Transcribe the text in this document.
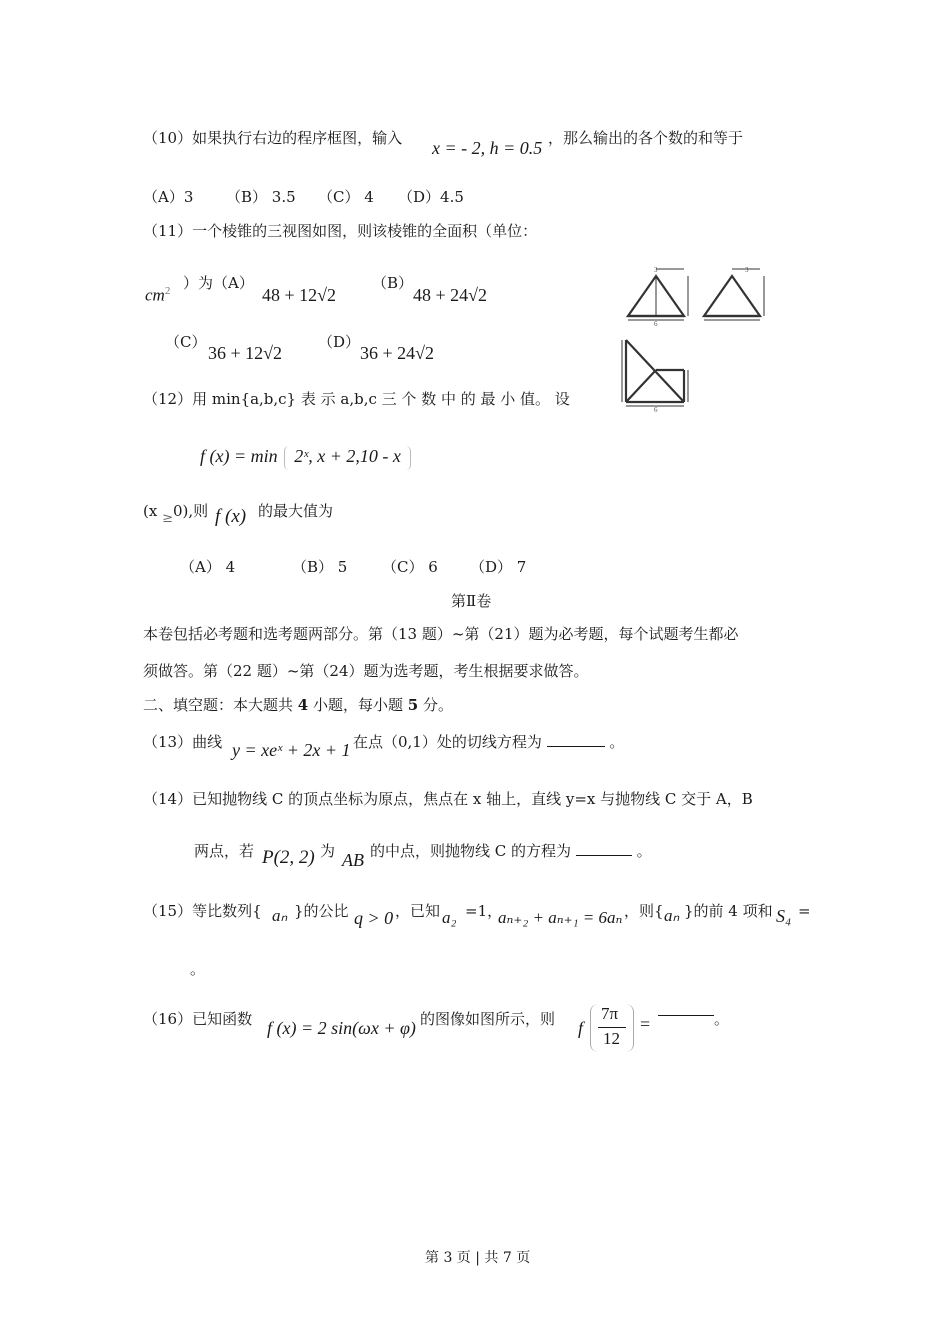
（10）如果执行右边的程序框图，输入 x = - 2, h = 0.5 ，那么输出的各个数的和等于
（A）3 （B） 3.5 （C） 4 （D）4.5
（11）一个棱锥的三视图如图，则该棱锥的全面积（单位：
$cm^2$ ）为（A）
48 + 12√2
（B）
48 + 24√2
（C）
36 + 12√2
（D）
36 + 24√2
3
6
3
6
（12）用 min{a,b,c} 表 示 a,b,c 三 个 数 中 的 最 小 值。 设
f (x) = min 2ˣ, x + 2,10 - x
(x ≥0),则 f (x) 的最大值为
（A） 4	（B） 5 （C） 6 （D） 7
第Ⅱ卷
本卷包括必考题和选考题两部分。第（13 题）~第（21）题为必考题，每个试题考生都必
须做答。第（22 题）~第（24）题为选考题，考生根据要求做答。
二、填空题：本大题共 4 小题，每小题 5 分。
（13）曲线 y = xeˣ + 2x + 1 在点（0,1）处的切线方程为	。
（14）已知抛物线 C 的顶点坐标为原点，焦点在 x 轴上，直线 y=x 与抛物线 C 交于 A，B
两点，若 P(2, 2) 为 AB 的中点，则抛物线 C 的方程为	。
（15）等比数列{ aₙ }的公比 q > 0 ，已知 a₂ =1，
aₙ₊₂ + aₙ₊₁ = 6aₙ ，则{ aₙ }的前 4 项和 S₄ =
。
（16）已知函数 f (x) = 2 sin(ωx + φ) 的图像如图所示，则 f
7π
12
=	。
第 3 页 | 共 7 页
